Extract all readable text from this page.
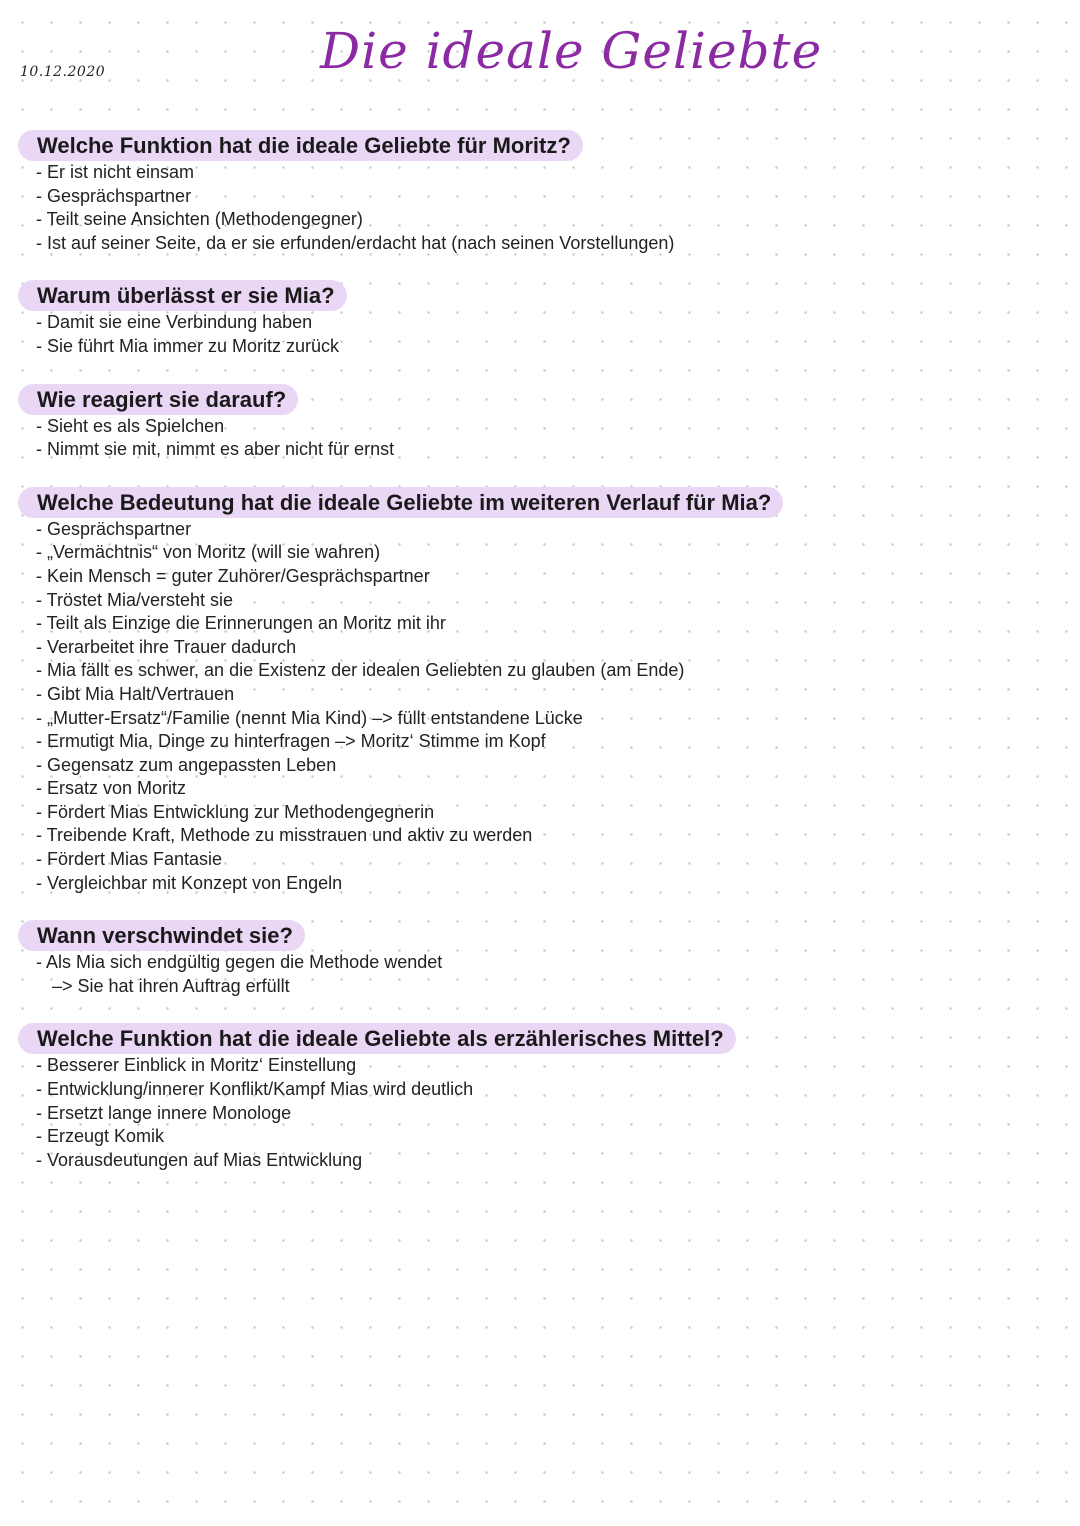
10.12.2020	Die ideale Geliebte
Welche Funktion hat die ideale Geliebte für Moritz?
- Er ist nicht einsam
- Gesprächspartner
- Teilt seine Ansichten (Methodengegner)
- Ist auf seiner Seite, da er sie erfunden/erdacht hat (nach seinen Vorstellungen)
Warum überlässt er sie Mia?
- Damit sie eine Verbindung haben
- Sie führt Mia immer zu Moritz zurück
Wie reagiert sie darauf?
- Sieht es als Spielchen
- Nimmt sie mit, nimmt es aber nicht für ernst
Welche Bedeutung hat die ideale Geliebte im weiteren Verlauf für Mia?
- Gesprächspartner
- „Vermächtnis“ von Moritz (will sie wahren)
- Kein Mensch = guter Zuhörer/Gesprächspartner
- Tröstet Mia/versteht sie
- Teilt als Einzige die Erinnerungen an Moritz mit ihr
- Verarbeitet ihre Trauer dadurch
- Mia fällt es schwer, an die Existenz der idealen Geliebten zu glauben (am Ende)
- Gibt Mia Halt/Vertrauen
- „Mutter-Ersatz“/Familie (nennt Mia Kind) –> füllt entstandene Lücke
- Ermutigt Mia, Dinge zu hinterfragen –> Moritz‘ Stimme im Kopf
- Gegensatz zum angepassten Leben
- Ersatz von Moritz
- Fördert Mias Entwicklung zur Methodengegnerin
- Treibende Kraft, Methode zu misstrauen und aktiv zu werden
- Fördert Mias Fantasie
- Vergleichbar mit Konzept von Engeln
Wann verschwindet sie?
- Als Mia sich endgültig gegen die Methode wendet
–> Sie hat ihren Auftrag erfüllt
Welche Funktion hat die ideale Geliebte als erzählerisches Mittel?
- Besserer Einblick in Moritz‘ Einstellung
- Entwicklung/innerer Konflikt/Kampf Mias wird deutlich
- Ersetzt lange innere Monologe
- Erzeugt Komik
- Vorausdeutungen auf Mias Entwicklung
